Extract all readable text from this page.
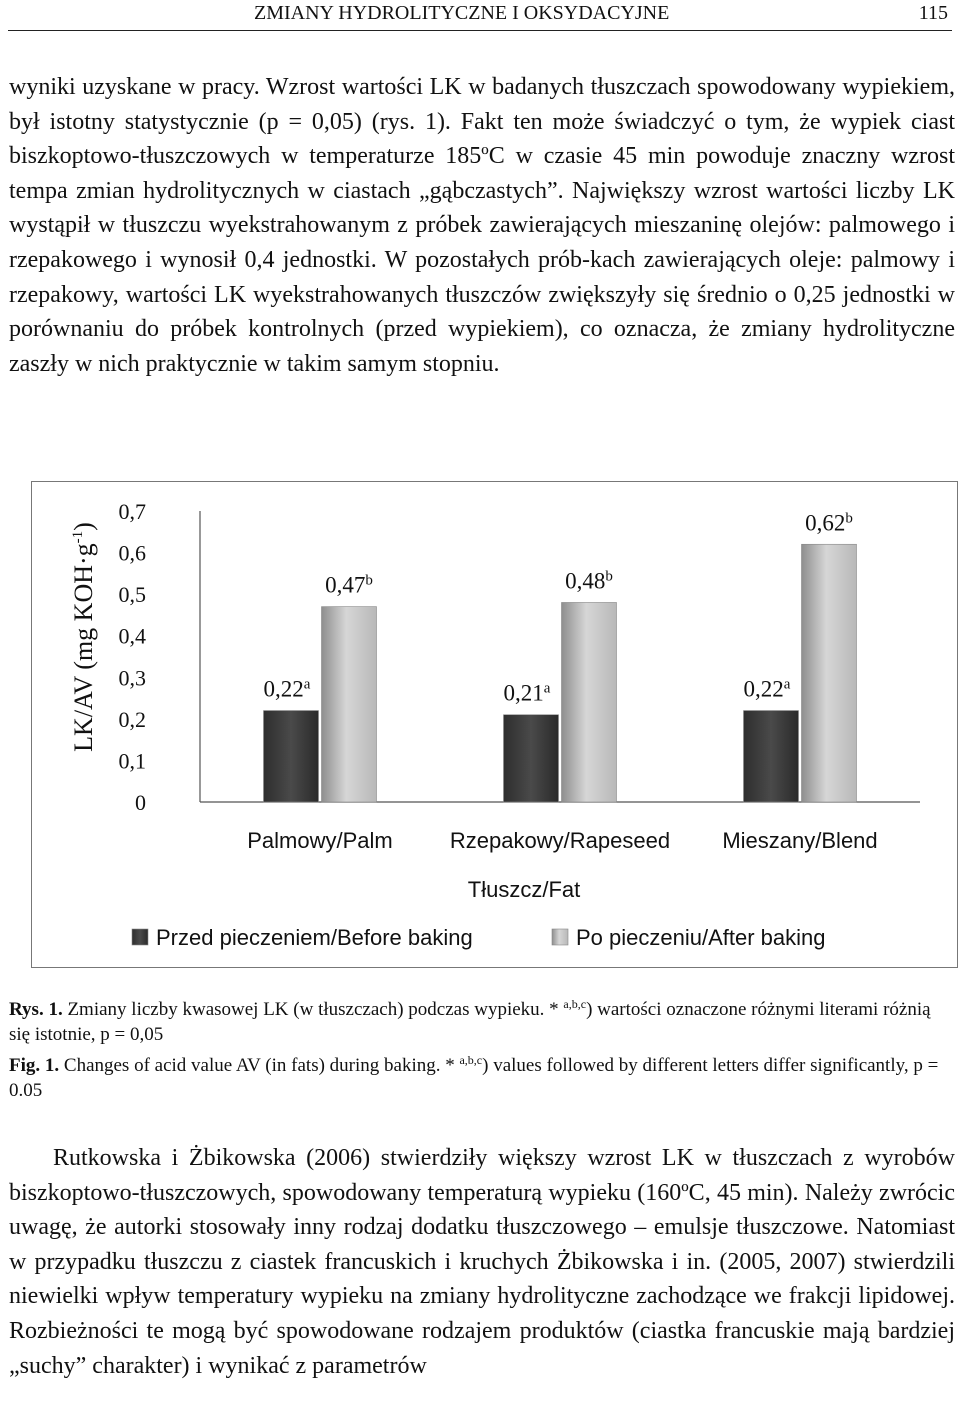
ZMIANY HYDROLITYCZNE I OKSYDACYJNE	115

wyniki uzyskane w pracy. Wzrost wartości LK w badanych tłuszczach spowodowany wypiekiem, był istotny statystycznie (p = 0,05) (rys. 1). Fakt ten może świadczyć o tym, że wypiek ciast biszkoptowo-tłuszczowych w temperaturze 185ºC w czasie 45 min powoduje znaczny wzrost tempa zmian hydrolitycznych w ciastach „gąbczastych”. Największy wzrost wartości liczby LK wystąpił w tłuszczu wyekstrahowanym z próbek zawierających mieszaninę olejów: palmowego i rzepakowego i wynosił 0,4 jednostki. W pozostałych prób-kach zawierających oleje: palmowy i rzepakowy, wartości LK wyekstrahowanych tłuszczów zwiększyły się średnio o 0,25 jednostki w porównaniu do próbek kontrolnych (przed wypiekiem), co oznacza, że zmiany hydrolityczne zaszły w nich praktycznie w takim samym stopniu.

0
0,1
0,2
0,3
0,4
0,5
0,6
0,7
0,22$^a$
0,47$^b$
0,21$^a$
0,48$^b$
0,22$^a$
0,62$^b$
Palmowy/Palm	Rzepakowy/Rapeseed Mieszany/Blend
LK/AV (mg $KOH\cdot g^{-1}$)
Tłuszcz/Fat
Przed pieczeniem/Before baking	Po pieczeniu/After baking
Rys. 1. Zmiany liczby kwasowej LK (w tłuszczach) podczas wypieku. * $^{a,b,c}$) wartości oznaczone różnymi literami różnią się istotnie, p = 0,05
Fig. 1. Changes of acid value AV (in fats) during baking. * $^{a,b,c}$) values followed by different letters differ significantly, p = 0.05

Rutkowska i Żbikowska (2006) stwierdziły większy wzrost LK w tłuszczach z wyrobów biszkoptowo-tłuszczowych, spowodowany temperaturą wypieku (160ºC, 45 min). Należy zwrócic uwagę, że autorki stosowały inny rodzaj dodatku tłuszczowego – emulsje tłuszczowe. Natomiast w przypadku tłuszczu z ciastek francuskich i kruchych Żbikowska i in. (2005, 2007) stwierdzili niewielki wpływ temperatury wypieku na zmiany hydrolityczne zachodzące we frakcji lipidowej. Rozbieżności te mogą być spowodowane rodzajem produktów (ciastka francuskie mają bardziej „suchy” charakter) i wynikać z parametrów
